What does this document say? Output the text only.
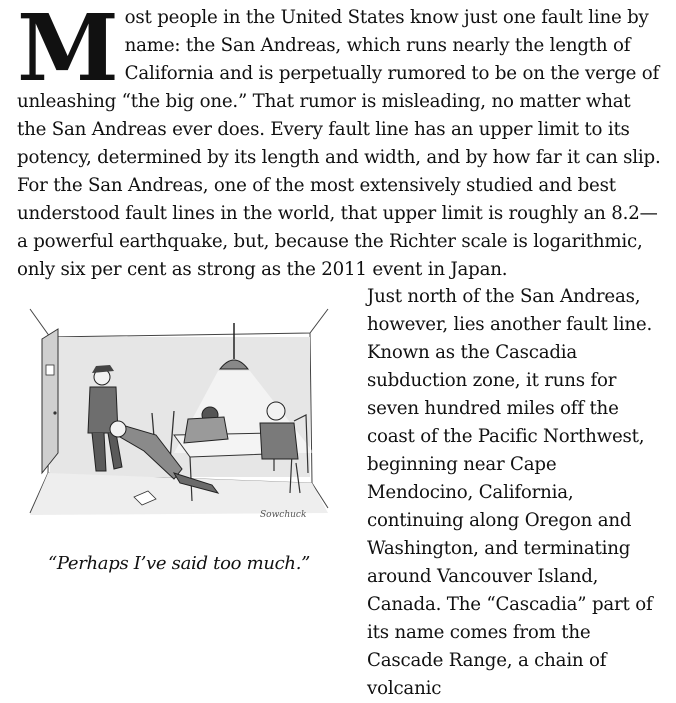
Most people in the United States know just one fault line by name: the San Andreas, which runs nearly the length of California and is perpetually rumored to be on the verge of unleashing “the big one.” That rumor is misleading, no matter what the San Andreas ever does. Every fault line has an upper limit to its potency, determined by its length and width, and by how far it can slip. For the San Andreas, one of the most extensively studied and best understood fault lines in the world, that upper limit is roughly an 8.2—a powerful earthquake, but, because the Richter scale is logarithmic, only six per cent as strong as the 2011 event in Japan.

Sowchuck
“Perhaps I’ve said too much.”

Just north of the San Andreas, however, lies another fault line. Known as the Cascadia subduction zone, it runs for seven hundred miles off the coast of the Pacific Northwest, beginning near Cape Mendocino, California, continuing along Oregon and Washington, and terminating around Vancouver Island, Canada. The “Cascadia” part of its name comes from the Cascade Range, a chain of volcanic
